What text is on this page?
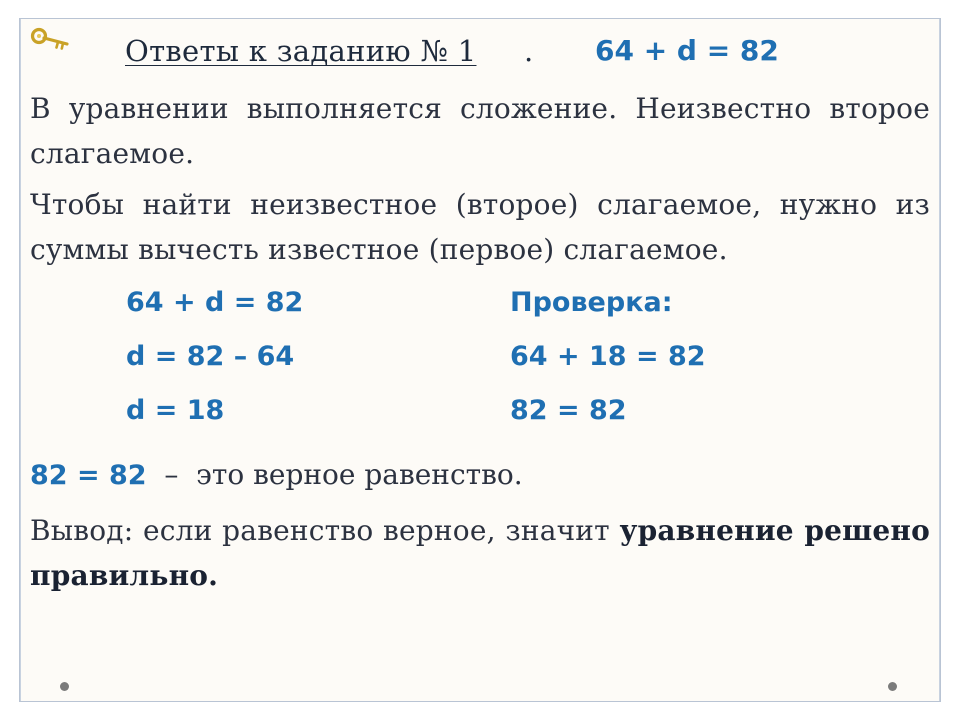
Ответы к заданию № 1 . 64 + d = 82
В уравнении выполняется сложение. Неизвестно второе слагаемое.
Чтобы найти неизвестное (второе) слагаемое, нужно из суммы вычесть известное (первое) слагаемое.
64 + d = 82
d = 82 – 64
d = 18
Проверка:
64 + 18 = 82
82 = 82
82 = 82  –  это верное равенство.
Вывод: если равенство верное, значит уравнение решено правильно.
